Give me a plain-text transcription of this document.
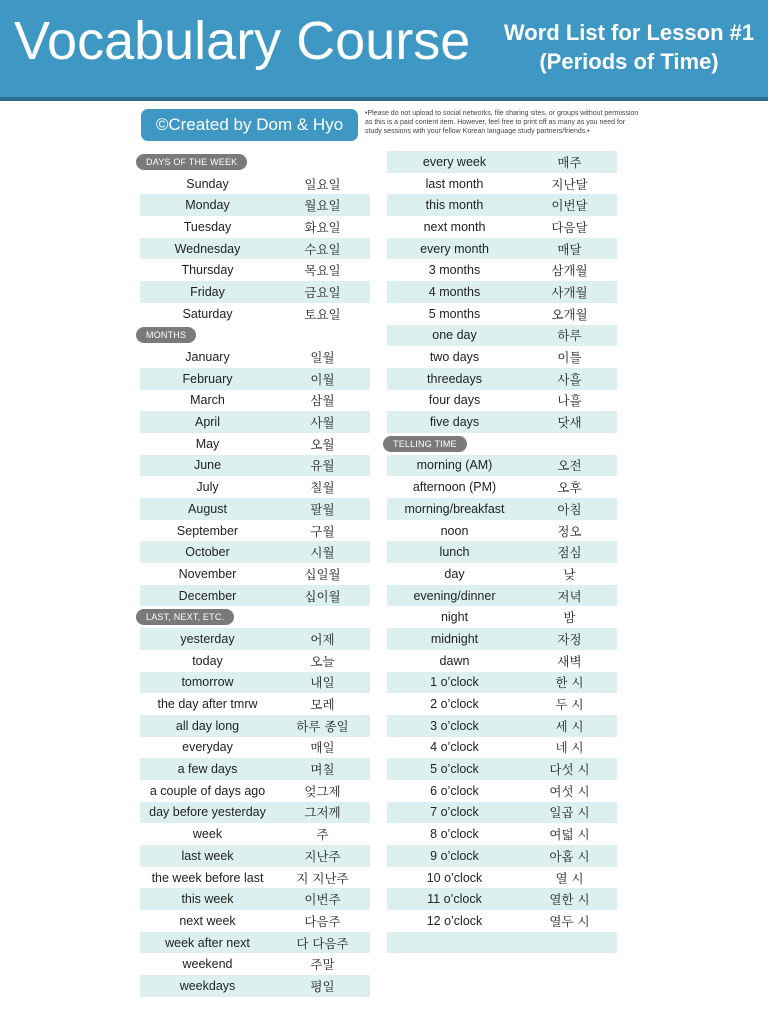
Vocabulary Course Word List for Lesson #1
(Periods of Time)
©Created by Dom & Hyo
•Please do not upload to social networks, file sharing sites, or groups without permission as this is a paid content item. However, feel free to print off as many as you need for study sessions with your fellow Korean language study partners/friends.•
DAYS OF THE WEEK
Sunday	일요일
Monday	월요일
Tuesday	화요일
Wednesday	수요일
Thursday	목요일
Friday	금요일
Saturday	토요일
MONTHS
January	일월
February	이월
March	삼월
April	사월
May	오월
June	유월
July	칠월
August	팔월
September	구월
October	시월
November	십일월
December	십이월
LAST, NEXT, ETC.
yesterday	어제
today	오늘
tomorrow	내일
the day after tmrw	모레
all day long	하루 종일
everyday	매일
a few days	며칠
a couple of days ago	엊그제
day before yesterday	그저께
week	주
last week	지난주
the week before last	지 지난주
this week	이번주
next week	다음주
week after next	다 다음주
weekend	주말
weekdays	평일
every week	매주
last month	지난달
this month	이번달
next month	다음달
every month	매달
3 months	삼개월
4 months	사개월
5 months	오개월
one day	하루
two days	이틀
threedays	사흘
four days	나흘
five days	닷새
TELLING TIME
morning (AM)	오전
afternoon (PM)	오후
morning/breakfast	아침
noon	정오
lunch	점심
day	낮
evening/dinner	저녁
night	밤
midnight	자정
dawn	새벽
1 o’clock	한 시
2 o’clock	두 시
3 o’clock	세 시
4 o’clock	네 시
5 o’clock	다섯 시
6 o’clock	여섯 시
7 o’clock	일곱 시
8 o’clock	여덟 시
9 o’clock	아홉 시
10 o’clock	열 시
11 o’clock	열한 시
12 o’clock	열두 시
